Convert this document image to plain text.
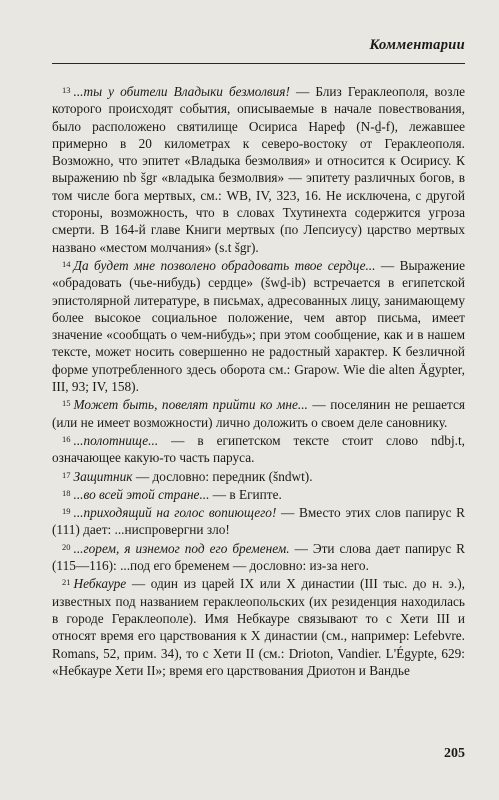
Комментарии

$^{13}$ ...ты у обители Владыки безмолвия! — Близ Гераклеополя, возле которого происходят события, описываемые в начале повествования, было расположено святилище Осириса Нареф (N-ḏ-f), лежавшее примерно в 20 километрах к северо-востоку от Гераклеополя. Возможно, что эпитет «Владыка безмолвия» и относится к Осирису. К выражению nb šgr «владыка безмолвия» — эпитету различных богов, в том числе бога мертвых, см.: WB, IV, 323, 16. Не исключена, с другой стороны, возможность, что в словах Тхутинехта содержится угроза смерти. В 164-й главе Книги мертвых (по Лепсиусу) царство мертвых названо «местом молчания» (s.t šgr).

$^{14}$ Да будет мне позволено обрадовать твое сердце... — Выражение «обрадовать (чье-нибудь) сердце» (šwḏ-ib) встречается в египетской эпистолярной литературе, в письмах, адресованных лицу, занимающему более высокое социальное положение, чем автор письма, имеет значение «сообщать о чем-нибудь»; при этом сообщение, как и в нашем тексте, может носить совершенно не радостный характер. К безличной форме употребленного здесь оборота см.: Grapow. Wie die alten Ägypter, III, 93; IV, 158).

$^{15}$ Может быть, повелят прийти ко мне... — поселянин не решается (или не имеет возможности) лично доложить о своем деле сановнику.

$^{16}$ ...полотнище... — в египетском тексте стоит слово ndbj.t, означающее какую-то часть паруса.

$^{17}$ Защитник — дословно: передник (šndwt).

$^{18}$ ...во всей этой стране... — в Египте.

$^{19}$ ...приходящий на голос вопиющего! — Вместо этих слов папирус R (111) дает: ...ниспровергни зло!

$^{20}$ ...горем, я изнемог под его бременем. — Эти слова дает папирус R (115—116): ...под его бременем — дословно: из-за него.

$^{21}$ Небкауре — один из царей IX или X династии (III тыс. до н. э.), известных под названием гераклеопольских (их резиденция находилась в городе Гераклеополе). Имя Небкауре связывают то с Хети III и относят время его царствования к X династии (см., например: Lefebvre. Romans, 52, прим. 34), то с Хети II (см.: Drioton, Vandier. L'Égypte, 629: «Небкауре Хети II»; время его царствования Дриотон и Вандье

205
